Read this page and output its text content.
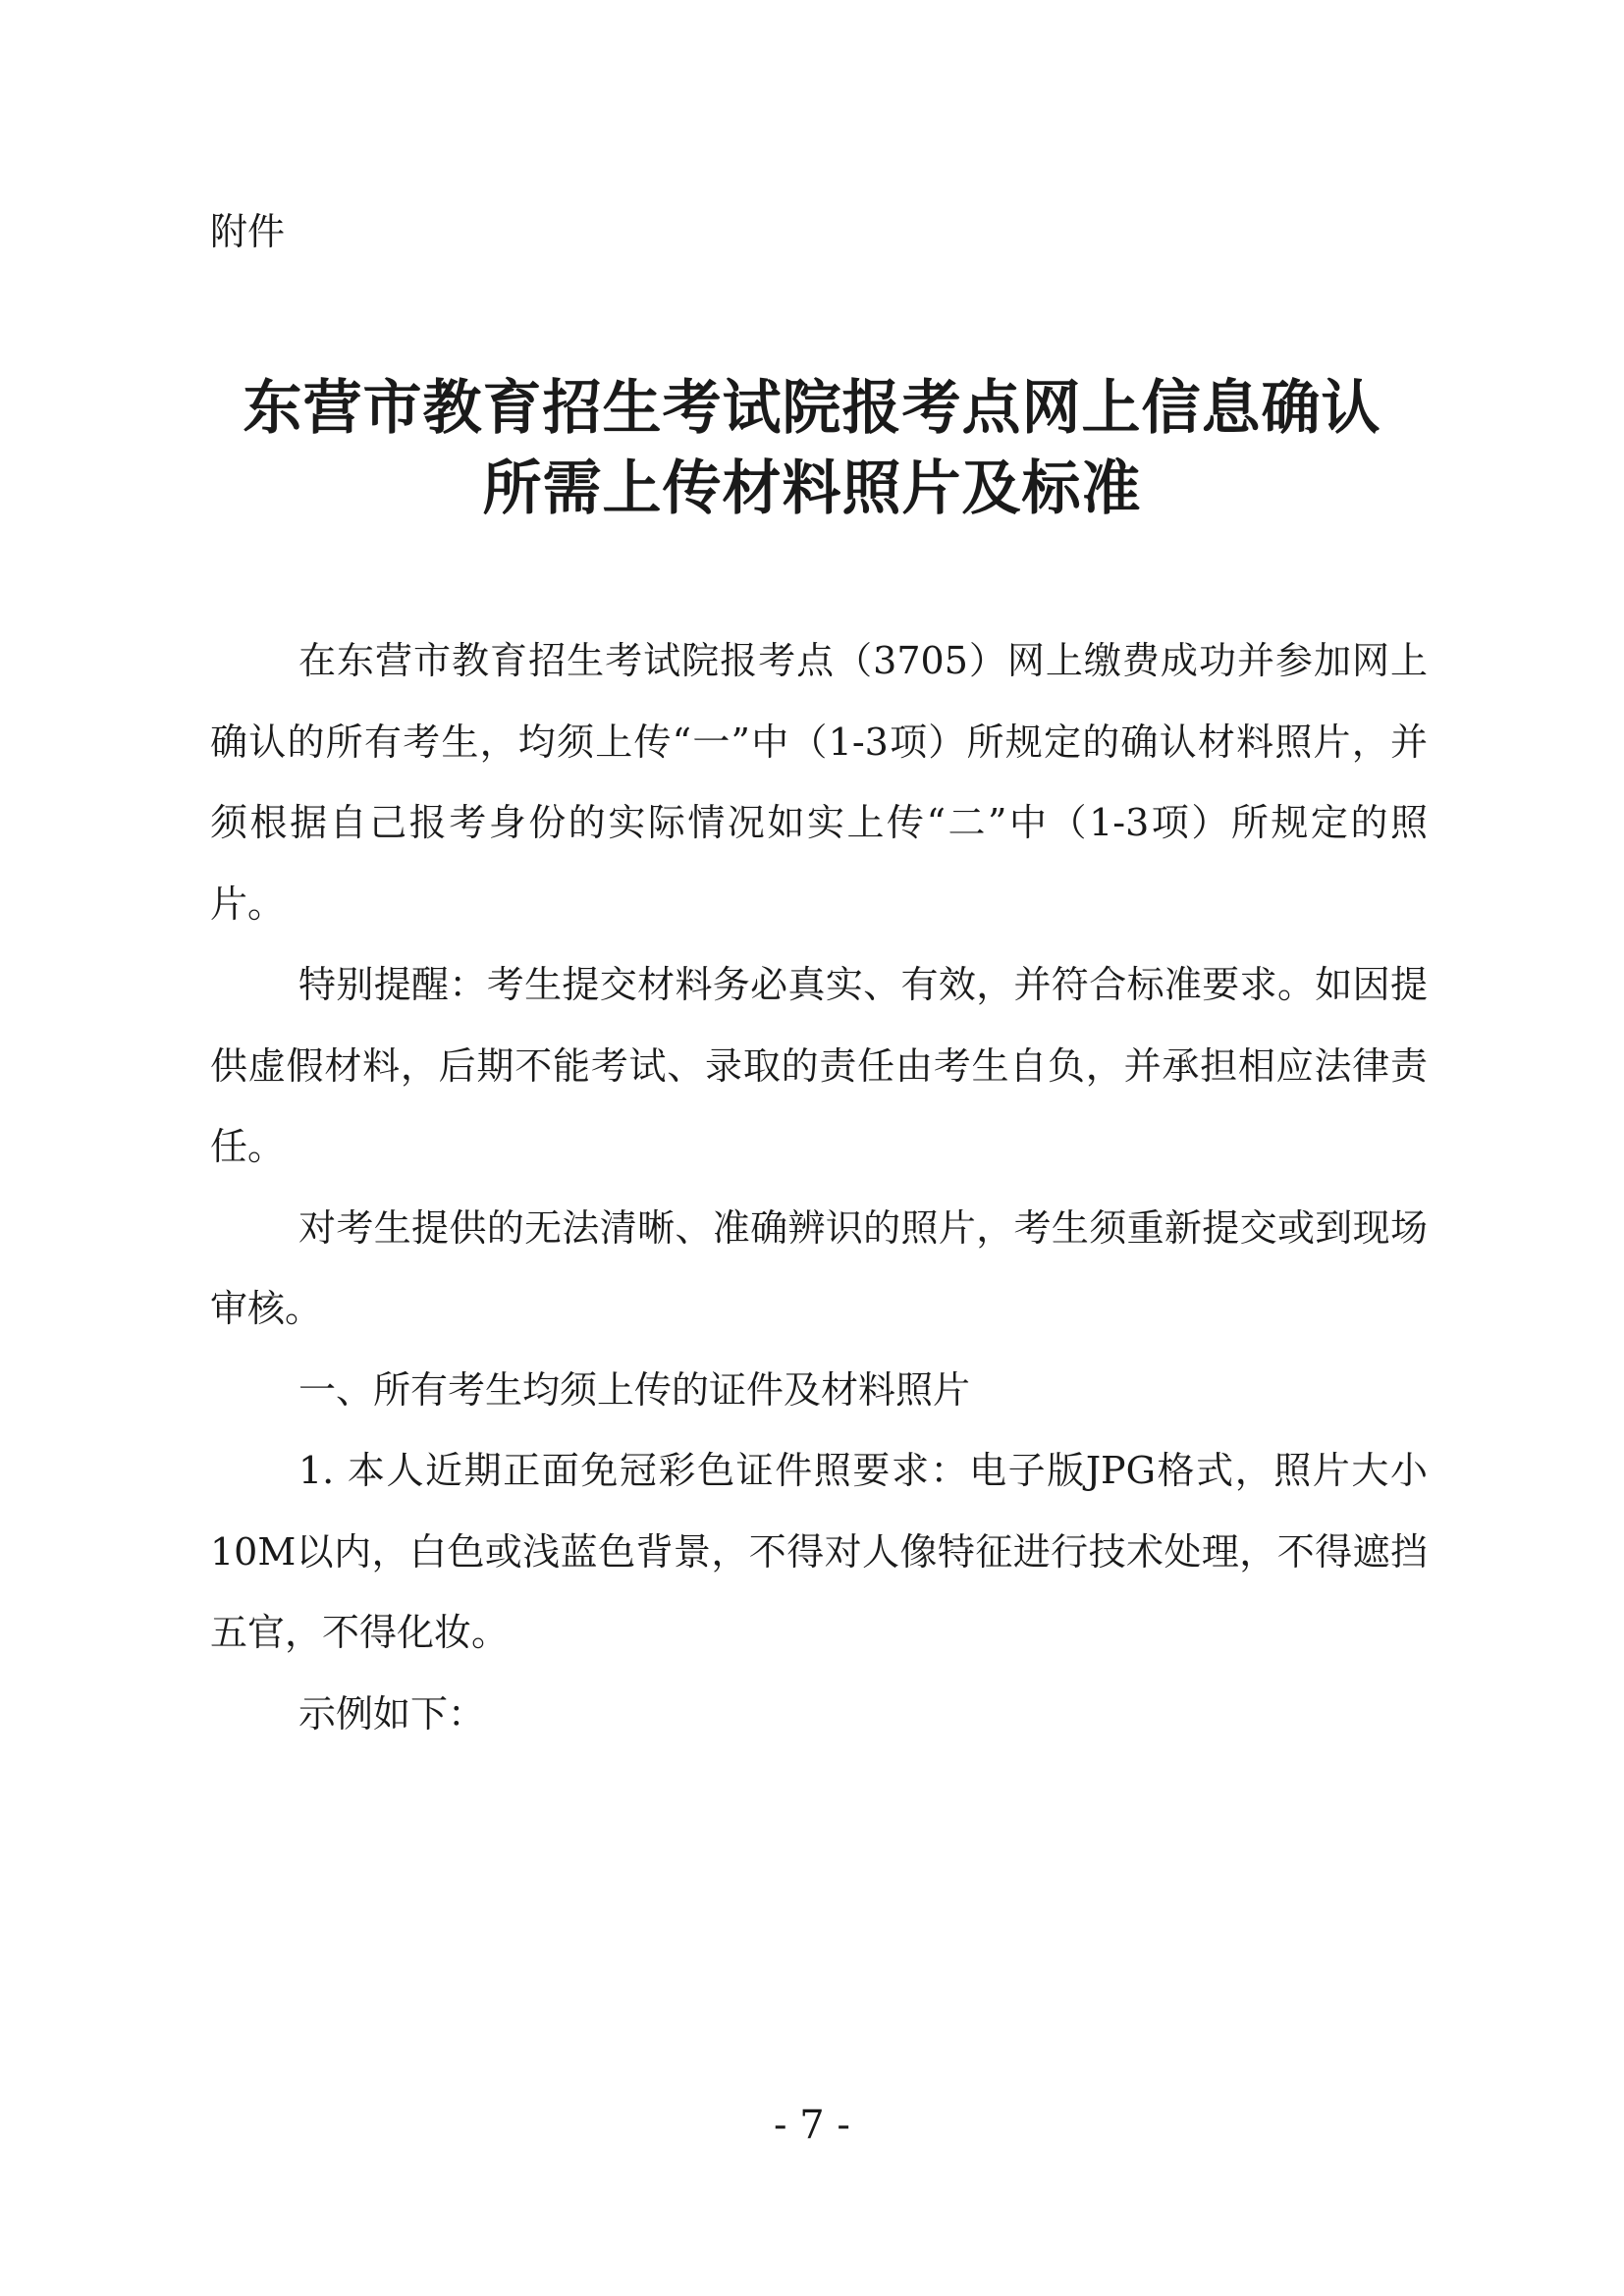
附件
东营市教育招生考试院报考点网上信息确认
所需上传材料照片及标准

在东营市教育招生考试院报考点（3705）网上缴费成功并参加网上确认的所有考生，均须上传“一”中（1-3项）所规定的确认材料照片，并须根据自己报考身份的实际情况如实上传“二”中（1-3项）所规定的照片。

特别提醒：考生提交材料务必真实、有效，并符合标准要求。如因提供虚假材料，后期不能考试、录取的责任由考生自负，并承担相应法律责任。

对考生提供的无法清晰、准确辨识的照片，考生须重新提交或到现场审核。

一、所有考生均须上传的证件及材料照片

1. 本人近期正面免冠彩色证件照要求：电子版JPG格式，照片大小10M以内，白色或浅蓝色背景，不得对人像特征进行技术处理，不得遮挡五官，不得化妆。

示例如下：

- 7 -
